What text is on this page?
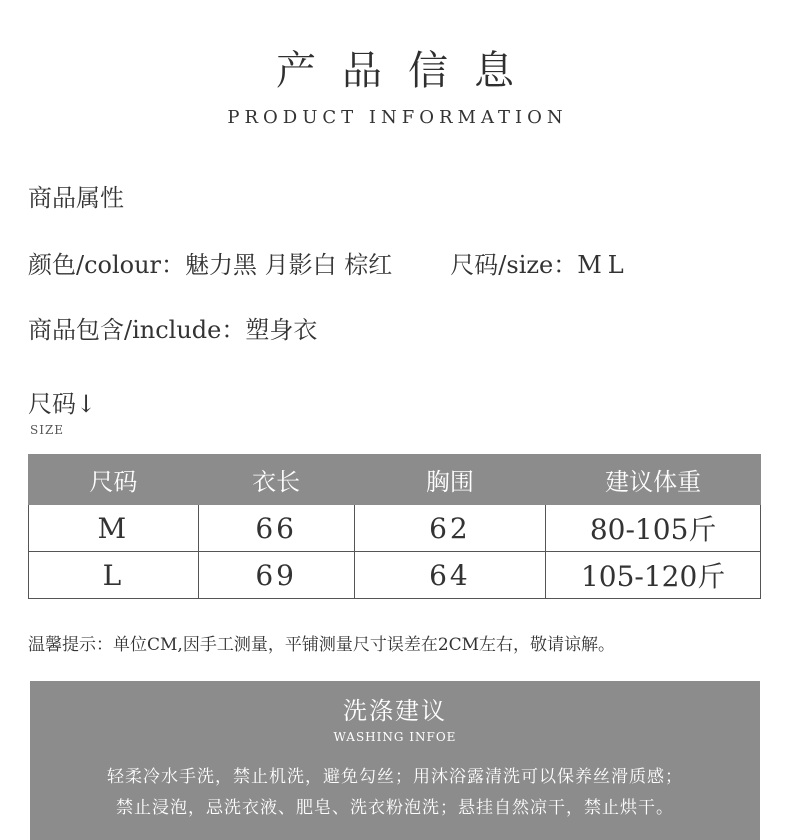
产品信息
PRODUCT INFORMATION
商品属性
颜色/colour：魅力黑 月影白 棕红 尺码/size：ML
商品包含/include：塑身衣
尺码↓
SIZE
尺码	衣长	胸围	建议体重
M	66	62	80-105斤
L	69	64	105-120斤
温馨提示：单位CM,因手工测量，平铺测量尺寸误差在2CM左右，敬请谅解。
洗涤建议
WASHING INFOE
轻柔冷水手洗，禁止机洗，避免勾丝；用沐浴露清洗可以保养丝滑质感；
禁止浸泡，忌洗衣液、肥皂、洗衣粉泡洗；悬挂自然凉干，禁止烘干。
